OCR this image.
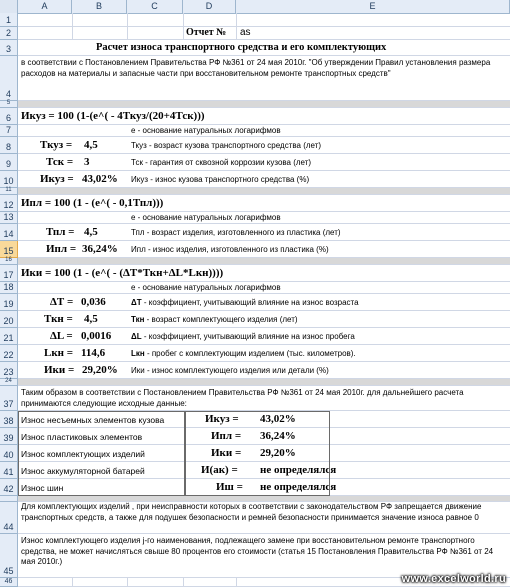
A	B	C	D	E
1
2	Отчет № as
3	Расчет износа транспортного средства и его комплектующих
4
в соответствии с Постановлением Правительства РФ №361 от 24 мая 2010г. "Об утверждении Правил установления размера расходов на материалы и запасные части при восстановительном ремонте транспортных средств"
5
6 Икуз = 100 (1-(е^( - 4Ткуз/(20+4Тск)))
7	е - основание натуральных логарифмов
8	Ткуз = 4,5	Ткуз - возраст кузова транспортного средства (лет)
9	Тск = 3	Тск - гарантия от сквозной коррозии кузова (лет)
10 Икуз = 43,02% Икуз - износ кузова транспортного средства (%)
11
12 Ипл = 100 (1 - (е^( - 0,1Тпл)))
13	е - основание натуральных логарифмов
14	Тпл = 4,5	Тпл - возраст изделия, изготовленного из пластика (лет)
15	Ипл = 36,24% Ипл - износ изделия, изготовленного из пластика (%)
16
17 Ики = 100 (1 - (е^( - (ΔТ*Ткн+ΔL*Lкн))))
18	е - основание натуральных логарифмов
19	ΔТ = 0,036	ΔТ - коэффициент, учитывающий влияние на износ возраста
20	Ткн = 4,5	Ткн - возраст комплектующего изделия (лет)
21	ΔL = 0,0016 ΔL - коэффициент, учитывающий влияние на износ пробега
22	Lкн = 114,6	Lкн - пробег с комплектующим изделием (тыс. километров).
23	Ики = 29,20% Ики - износ комплектующего изделия или детали (%)
24
37
Таким образом в соответствии с Постановлением Правительства РФ №361 от 24 мая 2010г. для дальнейшего расчета принимаются следующие исходные данные:
38 Износ несъемных элементов кузова	Икуз = 43,02%
39 Износ пластиковых элементов	Ипл = 36,24%
40 Износ комплектующих изделий	Ики = 29,20%
41 Износ аккумуляторной батарей	И(ак) = не определялся
42 Износ шин	Иш = не определялся
44
Для комплектующих изделий , при неисправности которых в соответствии с законодательством РФ запрещается движение транспортных средств, а также для подушек безопасности и ремней безопасности принимается значение износа равное 0
45
Износ комплектующего изделия j-го наименования, подлежащего замене при восстановительном ремонте транспортного средства, не может начисляться свыше 80 процентов его стоимости (статья 15 Постановления Правительства РФ №361 от 24 мая 2010г.)
46	www.excelworld.ru
